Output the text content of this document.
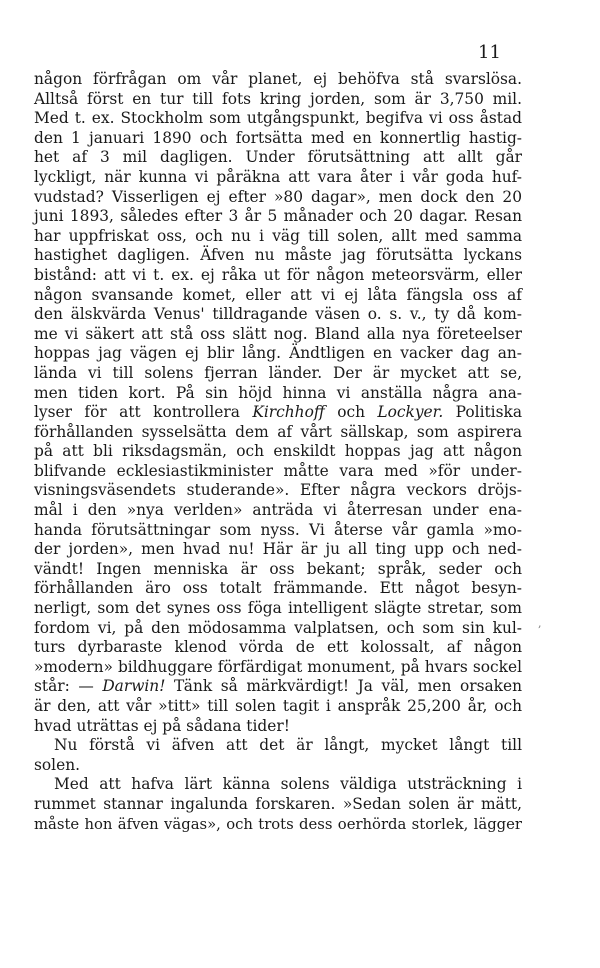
11
någon förfrågan om vår planet, ej behöfva stå svarslösa.
Alltså först en tur till fots kring jorden, som är 3,750 mil.
Med t. ex. Stockholm som utgångspunkt, begifva vi oss åstad
den 1 januari 1890 och fortsätta med en konnertlig hastig-
het af 3 mil dagligen. Under förutsättning att allt går
lyckligt, när kunna vi påräkna att vara åter i vår goda huf-
vudstad? Visserligen ej efter »80 dagar», men dock den 20
juni 1893, således efter 3 år 5 månader och 20 dagar. Resan
har uppfriskat oss, och nu i väg till solen, allt med samma
hastighet dagligen. Äfven nu måste jag förutsätta lyckans
bistånd: att vi t. ex. ej råka ut för någon meteorsvärm, eller
någon svansande komet, eller att vi ej låta fängsla oss af
den älskvärda Venus' tilldragande väsen o. s. v., ty då kom-
me vi säkert att stå oss slätt nog. Bland alla nya företeelser
hoppas jag vägen ej blir lång. Ändtligen en vacker dag an-
lända vi till solens fjerran länder. Der är mycket att se,
men tiden kort. På sin höjd hinna vi anställa några ana-
lyser för att kontrollera Kirchhoff och Lockyer. Politiska
förhållanden sysselsätta dem af vårt sällskap, som aspirera
på att bli riksdagsmän, och enskildt hoppas jag att någon
blifvande ecklesiastikminister måtte vara med »för under-
visningsväsendets studerande». Efter några veckors dröjs-
mål i den »nya verlden» anträda vi återresan under ena-
handa förutsättningar som nyss. Vi återse vår gamla »mo-
der jorden», men hvad nu! Här är ju all ting upp och ned-
vändt! Ingen menniska är oss bekant; språk, seder och
förhållanden äro oss totalt främmande. Ett något besyn-
nerligt, som det synes oss föga intelligent slägte stretar, som
fordom vi, på den mödosamma valplatsen, och som sin kul-
turs dyrbaraste klenod vörda de ett kolossalt, af någon
»modern» bildhuggare förfärdigat monument, på hvars sockel
står: — Darwin! Tänk så märkvärdigt! Ja väl, men orsaken
är den, att vår »titt» till solen tagit i anspråk 25,200 år, och
hvad uträttas ej på sådana tider!
Nu förstå vi äfven att det är långt, mycket långt till
solen.
Med att hafva lärt känna solens väldiga utsträckning i
rummet stannar ingalunda forskaren. »Sedan solen är mätt,
måste hon äfven vägas», och trots dess oerhörda storlek, lägger
,
